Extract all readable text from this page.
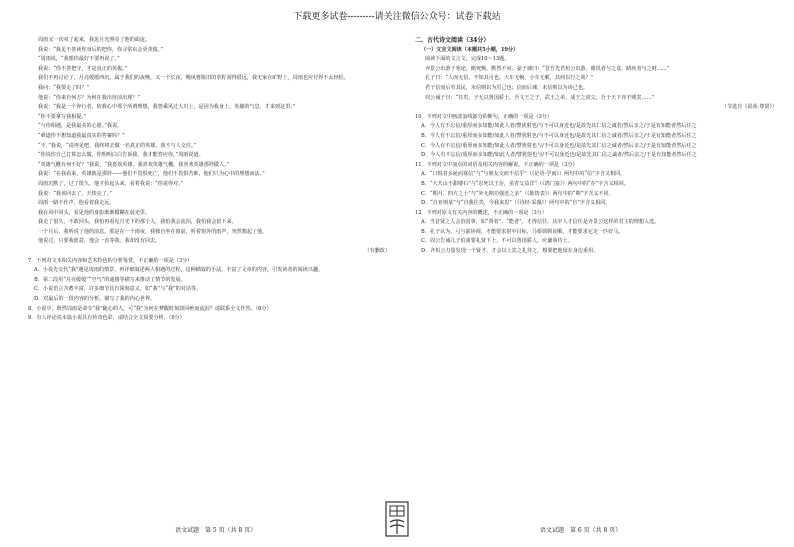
下载更多试卷---------请关注微信公众号：试卷下载站

周雨又一次叹了起来，我见月光照亮了他的面庞。

我说：“我见不善读你身后的把你，你寻常东会更英俊。”

“周雨说，“我想你最好不要再说了。”

我说：“你不善把守，才是真正的英俊。”

我们不再讨论了，月亮缓缓西沉，属于我们的夜晚，又一个长夜，晚风将陈旧的草籽刮得很远，我无家在旷野上，周雨也应付得不太轻松。

我问：“我要走了吗？”

他说：“你来自何方？为何在我出征前出现？”

我说：“我是一个奔行者，依我心中那个所谓理想，我曾乘风过大川上，是因为我身上，英雄的气息，才来到这里。”

“你不要拿写我相提。”

“与你相遇，是我最美的心愿。”我说。

“难道你不想知道我最真实的答案吗？”

“不，”我说，“请再见吧，我终将去做一名真正的英雄，我不与人交往。”

“你说你自己打算怎么做，你明明白白告诉我，我才能答应你，”周雨说道。

“英雄气概有何不好？”我说，“我喜欢英雄，我喜欢英雄气概，我喜欢英雄那样做人。”

我说：“在我看来，英雄就是那样——他们不畏惧死亡，他们不畏惧苦难，他们只为心中的理想而活。”

周雨沉默了，过了很久，他才抬起头来，看着我说：“你说得对。”

我说：“我该回去了，天快亮了。”

周雨一路不作声，他看着我走远。

我在风中回头，看见他的身影渐渐模糊在晨光里。

我走了很久，不敢回头，我怕再看见月光下的那个人，我怕我会流泪，我怕我会留下来。

一个月后，我听说了他的消息。那是在一个雨夜，我独自坐在窗前，听着窗外的雨声，突然想起了他。

他说过，只要我愿意，他会一直等我。我却没有回去。

（有删改）

7．下列对文本相关内容和艺术特色的分析鉴赏，不正确的一项是（3分）

A．小说先交代“我”遇见周雨的情景，再详细叙述两人相遇的过程，这种插叙的手法，丰富了文章的内容，引发读者的阅读兴趣。

B．第二段用“月亮缓缓”“空气”的通感等描写来推动了情节的发展。

C．小说语言含蓄丰富，许多细节具有深刻意义，如“我”与“我”的对话等。

D．对最后的一段内容的分析，描写了我的内心世界。

8．小说中，既然周雨是命令“我”随心的人，可“我”为何在梦醒时刻却回绝而流泪？请联系全文作答。（6分）

9．有人评论说本篇小说具有传奇色彩，请结合全文简要分析。（6分）

二、古代诗文阅读（34分）

（一）文言文阅读（本题共5小题，19分）

阅读下面的文言文，完成10～13题。

齐景公出游于寒途，睹死胔，默然不问。晏子谏曰：“昔吾先君桓公出游，睹饥者与之食，睹疾者与之财……”

孔子曰：“人而无信，不知其可也。大车无輗，小车无軏，其何以行之哉？”

君子信而后劳其民，未信则以为厉己也；信而后谏，未信则以为谤己也。

周公诫子曰：“往矣，子无以鲁国骄士。吾文王之子，武王之弟，成王之叔父，吾于天下亦不贱矣……”

（节选自《说苑·尊贤》）

10．下列对文中画波浪线部分的断句，正确的一项是（3分）

A．今人有不忘信/重厚而多知能/如此人者/譬犹射也/与不可以身近也/是故先其仁信之诚者/然后亲之/于是有知能者然后任之

B．今人有不忘信/重厚而多知能/如此人者/譬犹射也/与不可以身近也/是故先其仁信之诚者/然后亲之/于是有知能者然后任之

C．今人有不忘信/重厚而多知能/如此人者/譬犹射也与/不可以身近也/是故先其仁信之诚者/然后亲之/于是有知能者然后任之

D．今人有不忘信/重厚而多知能/如此人者/譬犹射也与/不可以身近也/是故先其仁信之诚者/然后亲之/于是有知能者然后任之

11．下列对文中加点的词语及相关内容的解说，不正确的一项是（3分）

A．“口锐者多诞而寡信”与“与朋友交而不信乎”（《论语·学而》）两句中的“信”字含义相同。

B．“大夫山不甜缕石”与“忍死以王存，虽省父益洋”（《鸿门宴》）两句中的“存”字含义相同。

C．“期月，四方之士”与“外无期功强近之亲”（《陈情表》）两句中的“期”字含义不同。

D．“自亚则某”与“自我往矣，今我来思”（《诗经·采薇》）两句中的“自”字含义相同。

12．下列对原文有关内容的概述，不正确的一项是（3分）

A．当昔贤之人会治国事，如“贤者”、“能者”，才得信任，其中人才信任是齐景公这样的君主的理想人选。

B．孔子认为，弓与箭协调，才能要求射中目标，马要调驯良顺，才能要求它走一匹好马。

C．周公告诫儿子伯禽要礼贤下士，不可以鲁国骄人，应谦恭待士。

D．齐桓公力量发现一个贤才，才会以上宾之礼待之，想要把他留在身边重用。

语文试题　第 5 页（共 8 页）	语文试题　第 6 页（共 8 页）
